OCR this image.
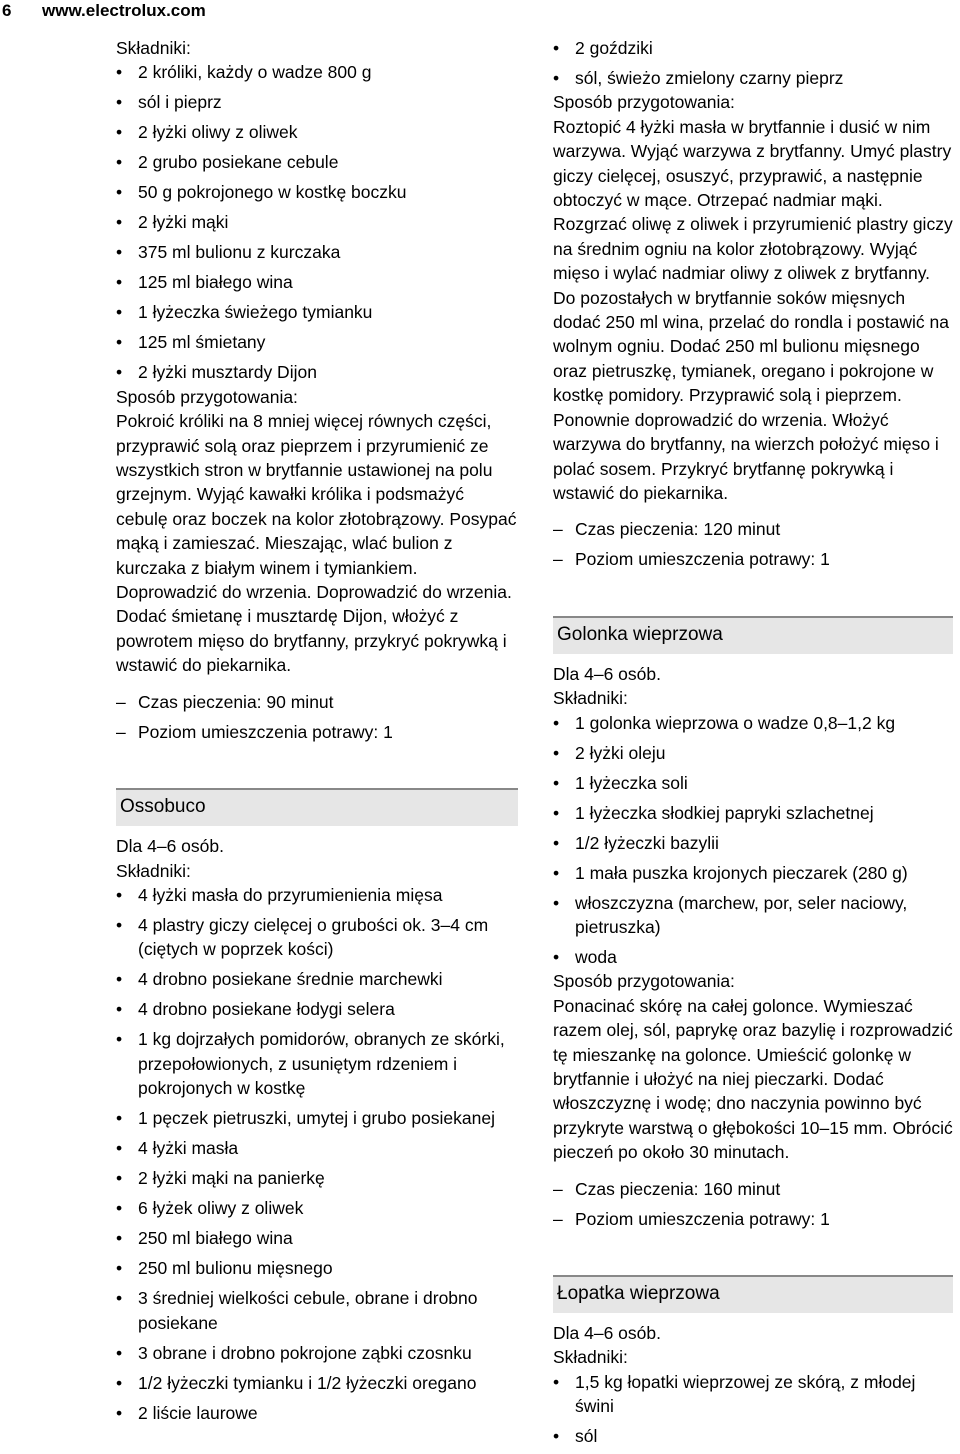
6 www.electrolux.com

Składniki:

• 2 króliki, każdy o wadze 800 g
• sól i pieprz
• 2 łyżki oliwy z oliwek
• 2 grubo posiekane cebule
• 50 g pokrojonego w kostkę boczku
• 2 łyżki mąki
• 375 ml bulionu z kurczaka
• 125 ml białego wina
• 1 łyżeczka świeżego tymianku
• 125 ml śmietany
• 2 łyżki musztardy Dijon

Sposób przygotowania:

Pokroić króliki na 8 mniej więcej równych części, przyprawić solą oraz pieprzem i przyrumienić ze wszystkich stron w brytfannie ustawionej na polu grzejnym. Wyjąć kawałki królika i podsmażyć cebulę oraz boczek na kolor złotobrązowy. Posypać mąką i zamieszać. Mieszając, wlać bulion z kurczaka z białym winem i tymiankiem. Doprowadzić do wrzenia. Doprowadzić do wrzenia. Dodać śmietanę i musztardę Dijon, włożyć z powrotem mięso do brytfanny, przykryć pokrywką i wstawić do piekarnika.

– Czas pieczenia: 90 minut
– Poziom umieszczenia potrawy: 1
Ossobuco

Dla 4–6 osób.

Składniki:

• 4 łyżki masła do przyrumienienia mięsa
• 4 plastry giczy cielęcej o grubości ok. 3–4 cm (ciętych w poprzek kości)
• 4 drobno posiekane średnie marchewki
• 4 drobno posiekane łodygi selera
• 1 kg dojrzałych pomidorów, obranych ze skórki, przepołowionych, z usuniętym rdzeniem i pokrojonych w kostkę
• 1 pęczek pietruszki, umytej i grubo posiekanej
• 4 łyżki masła
• 2 łyżki mąki na panierkę
• 6 łyżek oliwy z oliwek
• 250 ml białego wina
• 250 ml bulionu mięsnego
• 3 średniej wielkości cebule, obrane i drobno posiekane
• 3 obrane i drobno pokrojone ząbki czosnku
• 1/2 łyżeczki tymianku i 1/2 łyżeczki oregano
• 2 liście laurowe
• 2 goździki
• sól, świeżo zmielony czarny pieprz

Sposób przygotowania:

Roztopić 4 łyżki masła w brytfannie i dusić w nim warzywa. Wyjąć warzywa z brytfanny. Umyć plastry giczy cielęcej, osuszyć, przyprawić, a następnie obtoczyć w mące. Otrzepać nadmiar mąki. Rozgrzać oliwę z oliwek i przyrumienić plastry giczy na średnim ogniu na kolor złotobrązowy. Wyjąć mięso i wylać nadmiar oliwy z oliwek z brytfanny. Do pozostałych w brytfannie soków mięsnych dodać 250 ml wina, przelać do rondla i postawić na wolnym ogniu. Dodać 250 ml bulionu mięsnego oraz pietruszkę, tymianek, oregano i pokrojone w kostkę pomidory. Przyprawić solą i pieprzem. Ponownie doprowadzić do wrzenia. Włożyć warzywa do brytfanny, na wierzch położyć mięso i polać sosem. Przykryć brytfannę pokrywką i wstawić do piekarnika.

– Czas pieczenia: 120 minut
– Poziom umieszczenia potrawy: 1
Golonka wieprzowa

Dla 4–6 osób.

Składniki:

• 1 golonka wieprzowa o wadze 0,8–1,2 kg
• 2 łyżki oleju
• 1 łyżeczka soli
• 1 łyżeczka słodkiej papryki szlachetnej
• 1/2 łyżeczki bazylii
• 1 mała puszka krojonych pieczarek (280 g)
• włoszczyzna (marchew, por, seler naciowy, pietruszka)
• woda

Sposób przygotowania:

Ponacinać skórę na całej golonce. Wymieszać razem olej, sól, paprykę oraz bazylię i rozprowadzić tę mieszankę na golonce. Umieścić golonkę w brytfannie i ułożyć na niej pieczarki. Dodać włoszczyznę i wodę; dno naczynia powinno być przykryte warstwą o głębokości 10–15 mm. Obrócić pieczeń po około 30 minutach.

– Czas pieczenia: 160 minut
– Poziom umieszczenia potrawy: 1
Łopatka wieprzowa

Dla 4–6 osób.

Składniki:

• 1,5 kg łopatki wieprzowej ze skórą, z młodej świni
• sól
